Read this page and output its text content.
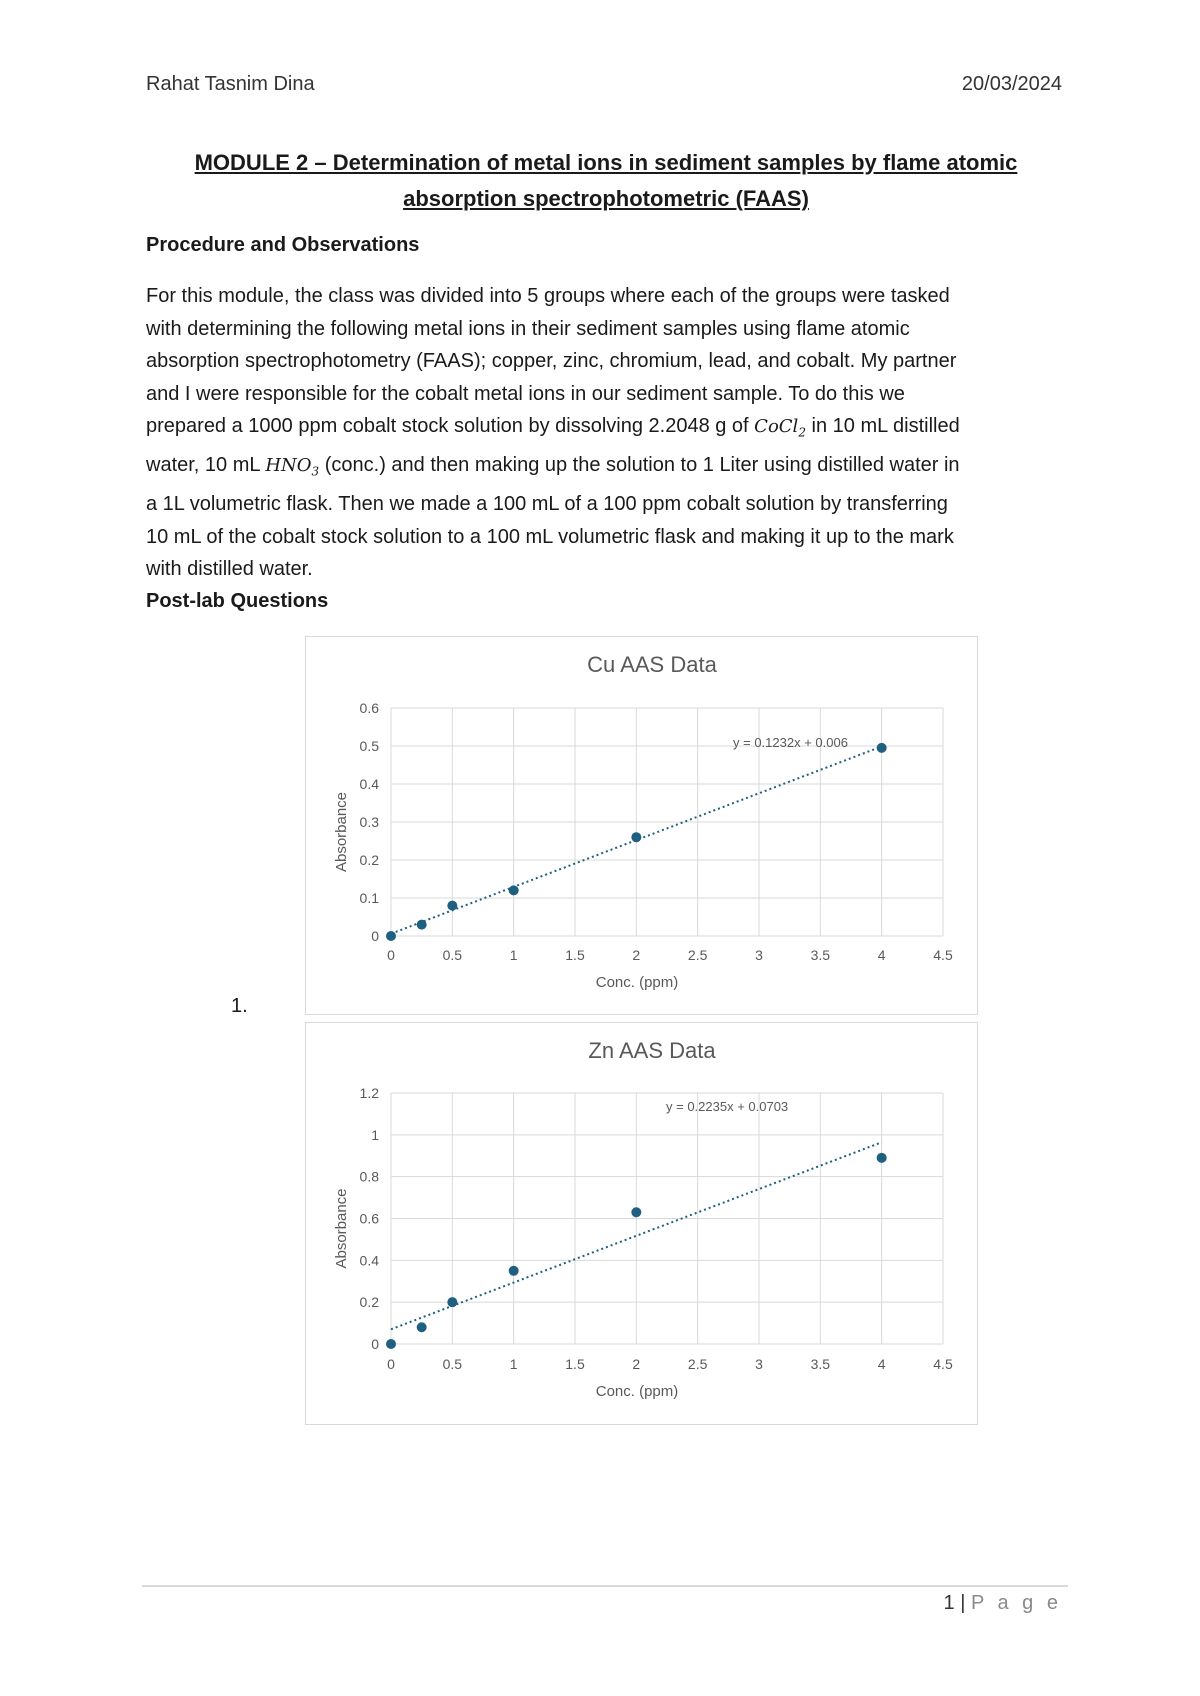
Rahat Tasnim Dina	20/03/2024
MODULE 2 – Determination of metal ions in sediment samples by flame atomic absorption spectrophotometric (FAAS)
Procedure and Observations
For this module, the class was divided into 5 groups where each of the groups were tasked
with determining the following metal ions in their sediment samples using flame atomic
absorption spectrophotometry (FAAS); copper, zinc, chromium, lead, and cobalt. My partner
and I were responsible for the cobalt metal ions in our sediment sample. To do this we
prepared a 1000 ppm cobalt stock solution by dissolving 2.2048 g of CoCl$_2$ in 10 mL distilled
water, 10 mL $HNO_3$ (conc.) and then making up the solution to 1 Liter using distilled water in
a 1L volumetric flask. Then we made a 100 mL of a 100 ppm cobalt solution by transferring
10 mL of the cobalt stock solution to a 100 mL volumetric flask and making it up to the mark
with distilled water.
Post-lab Questions
1.
Cu AAS Data
0	0.5	1	1.5	2	2.5	3	3.5	4	4.5
0
0.1
0.2
0.3
0.4
0.5
0.6
Conc. (ppm)
Absorbance
y = 0.1232x + 0.006
Zn AAS Data
0	0.5	1	1.5	2	2.5	3	3.5	4	4.5
0
0.2
0.4
0.6
0.8
1
1.2
Conc. (ppm)
Absorbance
y = 0.2235x + 0.0703
1 | P a g e
